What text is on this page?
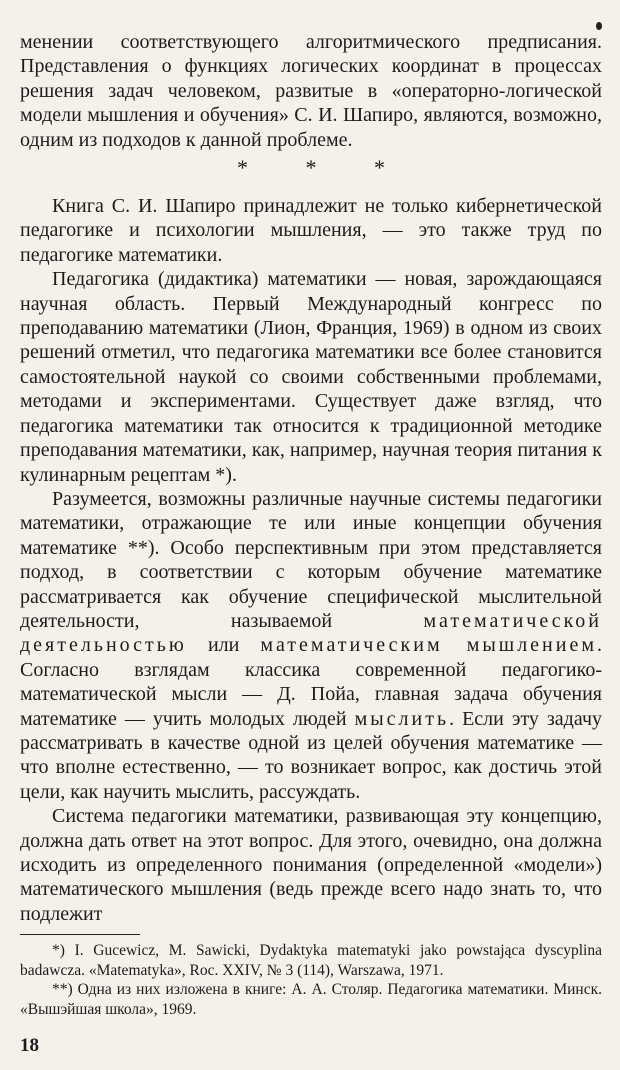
менении соответствующего алгоритмического предписания. Представления о функциях логических координат в процессах решения задач человеком, развитые в «операторно-логической модели мышления и обучения» С. И. Шапиро, являются, возможно, одним из подходов к данной проблеме.

* * *

Книга С. И. Шапиро принадлежит не только кибернетической педагогике и психологии мышления, — это также труд по педагогике математики.

Педагогика (дидактика) математики — новая, зарождающаяся научная область. Первый Международный конгресс по преподаванию математики (Лион, Франция, 1969) в одном из своих решений отметил, что педагогика математики все более становится самостоятельной наукой со своими собственными проблемами, методами и экспериментами. Существует даже взгляд, что педагогика математики так относится к традиционной методике преподавания математики, как, например, научная теория питания к кулинарным рецептам *).

Разумеется, возможны различные научные системы педагогики математики, отражающие те или иные концепции обучения математике **). Особо перспективным при этом представляется подход, в соответствии с которым обучение математике рассматривается как обучение специфической мыслительной деятельности, называемой математической деятельностью или математическим мышлением. Согласно взглядам классика современной педагогико-математической мысли — Д. Пойа, главная задача обучения математике — учить молодых людей мыслить. Если эту задачу рассматривать в качестве одной из целей обучения математике — что вполне естественно, — то возникает вопрос, как достичь этой цели, как научить мыслить, рассуждать.

Система педагогики математики, развивающая эту концепцию, должна дать ответ на этот вопрос. Для этого, очевидно, она должна исходить из определенного понимания (определенной «модели») математического мышления (ведь прежде всего надо знать то, что подлежит

*) I. Gucewicz, M. Sawicki, Dydaktyka matematyki jako powstająca dyscyplina badawcza. «Matematyka», Roc. XXIV, № 3 (114), Warszawa, 1971.

**) Одна из них изложена в книге: А. А. Столяр. Педагогика математики. Минск. «Вышэйшая школа», 1969.

18
